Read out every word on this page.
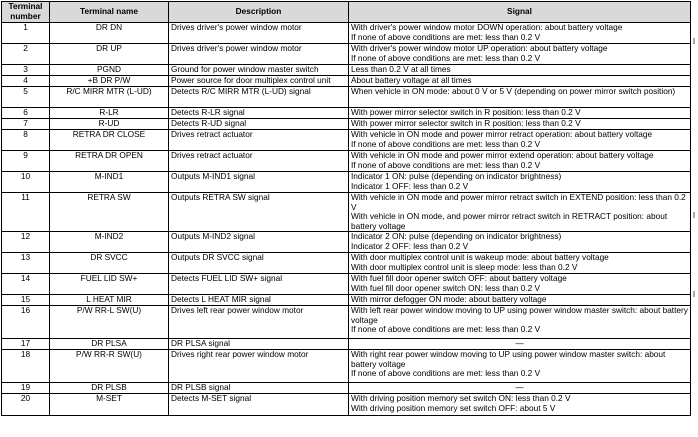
Terminal number	Terminal name	Description	Signal
1	DR DN	Drives driver's power window motor	With driver's power window motor DOWN operation: about battery voltage
If none of above conditions are met: less than 0.2 V

2	DR UP	Drives driver's power window motor	With driver's power window motor UP operation: about battery voltage
If none of above conditions are met: less than 0.2 V

3	PGND	Ground for power window master switch	Less than 0.2 V at all times

4	+B DR P/W	Power source for door multiplex control unit	About battery voltage at all times

5	R/C MIRR MTR (L-UD)	Detects R/C MIRR MTR (L-UD) signal	When vehicle in ON mode: about 0 V or 5 V (depending on power mirror switch position)

6	R-LR	Detects R-LR signal	With power mirror selector switch in R position: less than 0.2 V

7	R-UD	Detects R-UD signal	With power mirror selector switch in R position: less than 0.2 V

8	RETRA DR CLOSE	Drives retract actuator	With vehicle in ON mode and power mirror retract operation: about battery voltage
If none of above conditions are met: less than 0.2 V

9	RETRA DR OPEN	Drives retract actuator	With vehicle in ON mode and power mirror extend operation: about battery voltage
If none of above conditions are met: less than 0.2 V

10	M-IND1	Outputs M-IND1 signal	Indicator 1 ON: pulse (depending on indicator brightness)
Indicator 1 OFF: less than 0.2 V

11	RETRA SW	Outputs RETRA SW signal	With vehicle in ON mode and power mirror retract switch in EXTEND position: less than 0.2 V
With vehicle in ON mode, and power mirror retract switch in RETRACT position: about battery voltage

12	M-IND2	Outputs M-IND2 signal	Indicator 2 ON: pulse (depending on indicator brightness)
Indicator 2 OFF: less than 0.2 V

13	DR SVCC	Outputs DR SVCC signal	With door multiplex control unit is wakeup mode: about battery voltage
With door multiplex control unit is sleep mode: less than 0.2 V

14	FUEL LID SW+	Detects FUEL LID SW+ signal	With fuel fill door opener switch OFF: about battery voltage
With fuel fill door opener switch ON: less than 0.2 V

15	L HEAT MIR	Detects L HEAT MIR signal	With mirror defogger ON mode: about battery voltage

16	P/W RR-L SW(U)	Drives left rear power window motor	With left rear power window moving to UP using power window master switch: about battery voltage
If none of above conditions are met: less than 0.2 V

17	DR PLSA	DR PLSA signal	—

18	P/W RR-R SW(U)	Drives right rear power window motor	With right rear power window moving to UP using power window master switch: about battery voltage
If none of above conditions are met: less than 0.2 V

19	DR PLSB	DR PLSB signal	—

20	M-SET	Detects M-SET signal	With driving position memory set switch ON: less than 0.2 V
With driving position memory set switch OFF: about 5 V
